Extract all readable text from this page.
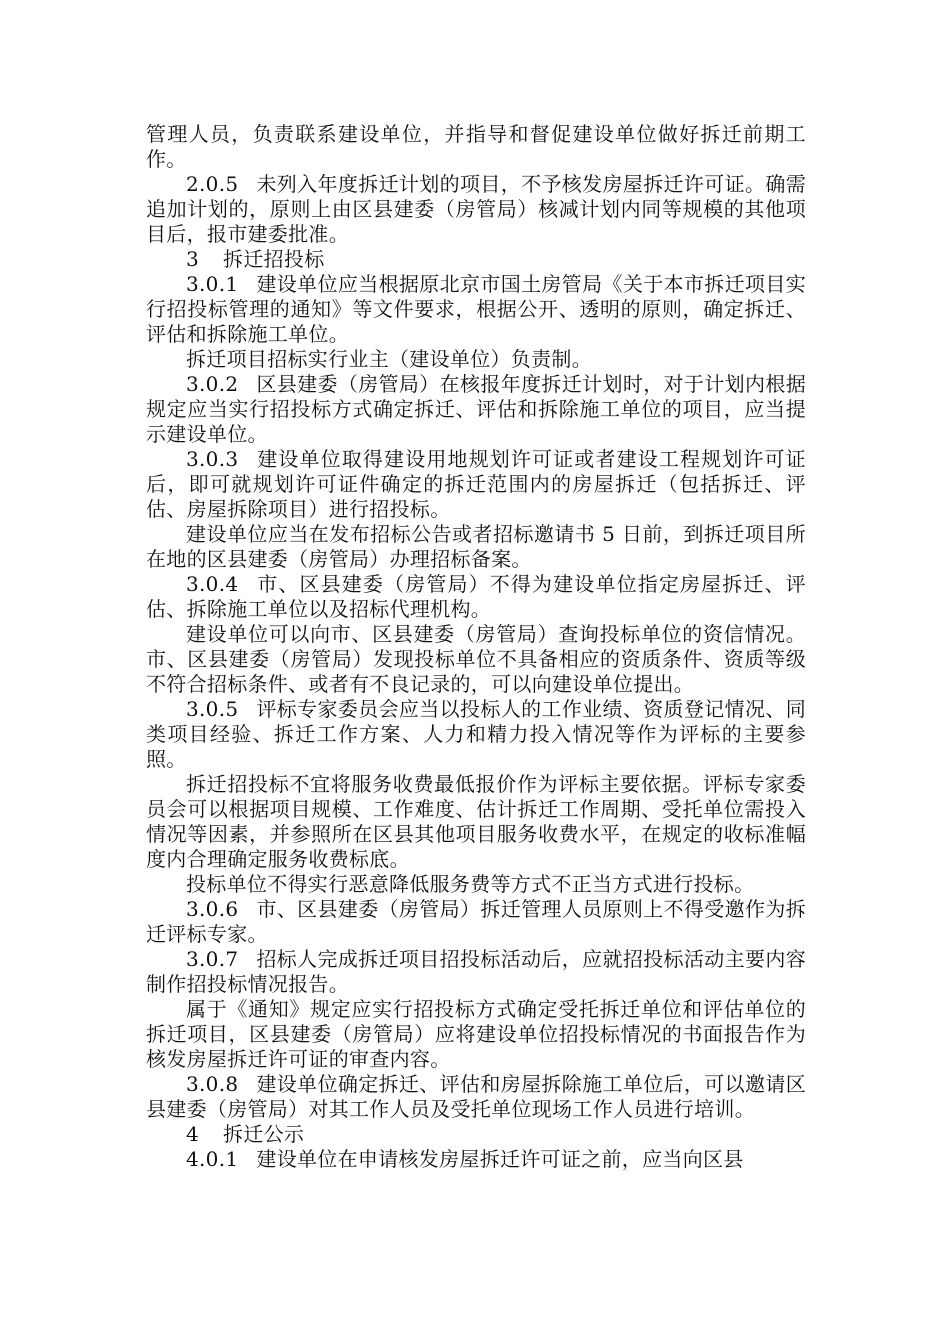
管理人员，负责联系建设单位，并指导和督促建设单位做好拆迁前期工作。

2.0.5 未列入年度拆迁计划的项目，不予核发房屋拆迁许可证。确需追加计划的，原则上由区县建委（房管局）核减计划内同等规模的其他项目后，报市建委批准。

3 拆迁招投标

3.0.1 建设单位应当根据原北京市国土房管局《关于本市拆迁项目实行招投标管理的通知》等文件要求，根据公开、透明的原则，确定拆迁、评估和拆除施工单位。

拆迁项目招标实行业主（建设单位）负责制。

3.0.2 区县建委（房管局）在核报年度拆迁计划时，对于计划内根据规定应当实行招投标方式确定拆迁、评估和拆除施工单位的项目，应当提示建设单位。

3.0.3 建设单位取得建设用地规划许可证或者建设工程规划许可证后，即可就规划许可证件确定的拆迁范围内的房屋拆迁（包括拆迁、评估、房屋拆除项目）进行招投标。

建设单位应当在发布招标公告或者招标邀请书 5 日前，到拆迁项目所在地的区县建委（房管局）办理招标备案。

3.0.4 市、区县建委（房管局）不得为建设单位指定房屋拆迁、评估、拆除施工单位以及招标代理机构。

建设单位可以向市、区县建委（房管局）查询投标单位的资信情况。市、区县建委（房管局）发现投标单位不具备相应的资质条件、资质等级不符合招标条件、或者有不良记录的，可以向建设单位提出。

3.0.5 评标专家委员会应当以投标人的工作业绩、资质登记情况、同类项目经验、拆迁工作方案、人力和精力投入情况等作为评标的主要参照。

拆迁招投标不宜将服务收费最低报价作为评标主要依据。评标专家委员会可以根据项目规模、工作难度、估计拆迁工作周期、受托单位需投入情况等因素，并参照所在区县其他项目服务收费水平，在规定的收标准幅度内合理确定服务收费标底。

投标单位不得实行恶意降低服务费等方式不正当方式进行投标。

3.0.6 市、区县建委（房管局）拆迁管理人员原则上不得受邀作为拆迁评标专家。

3.0.7 招标人完成拆迁项目招投标活动后，应就招投标活动主要内容制作招投标情况报告。

属于《通知》规定应实行招投标方式确定受托拆迁单位和评估单位的拆迁项目，区县建委（房管局）应将建设单位招投标情况的书面报告作为核发房屋拆迁许可证的审查内容。

3.0.8 建设单位确定拆迁、评估和房屋拆除施工单位后，可以邀请区县建委（房管局）对其工作人员及受托单位现场工作人员进行培训。

4 拆迁公示

4.0.1 建设单位在申请核发房屋拆迁许可证之前，应当向区县
